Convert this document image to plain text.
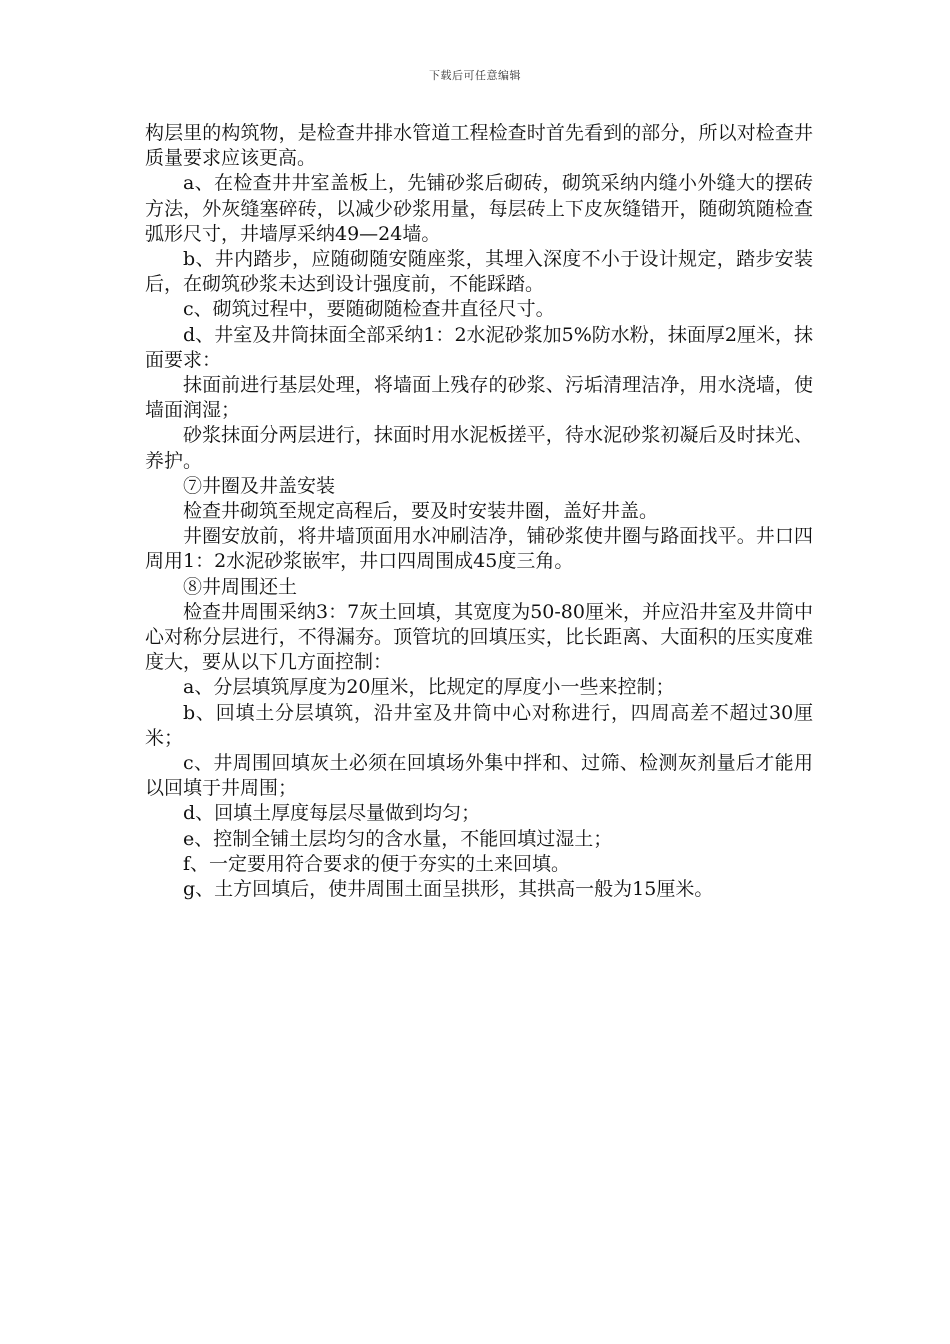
下载后可任意编辑

构层里的构筑物，是检查井排水管道工程检查时首先看到的部分，所以对检查井质量要求应该更高。

a、在检查井井室盖板上，先铺砂浆后砌砖，砌筑采纳内缝小外缝大的摆砖方法，外灰缝塞碎砖，以减少砂浆用量，每层砖上下皮灰缝错开，随砌筑随检查弧形尺寸，井墙厚采纳49—24墙。

b、井内踏步，应随砌随安随座浆，其埋入深度不小于设计规定，踏步安装后，在砌筑砂浆未达到设计强度前，不能踩踏。

c、砌筑过程中，要随砌随检查井直径尺寸。

d、井室及井筒抹面全部采纳1：2水泥砂浆加5%防水粉，抹面厚2厘米，抹面要求：

抹面前进行基层处理，将墙面上残存的砂浆、污垢清理洁净，用水浇墙，使墙面润湿；

砂浆抹面分两层进行，抹面时用水泥板搓平，待水泥砂浆初凝后及时抹光、养护。

⑦井圈及井盖安装

检查井砌筑至规定高程后，要及时安装井圈，盖好井盖。

井圈安放前，将井墙顶面用水冲刷洁净，铺砂浆使井圈与路面找平。井口四周用1：2水泥砂浆嵌牢，井口四周围成45度三角。

⑧井周围还土

检查井周围采纳3：7灰土回填，其宽度为50-80厘米，并应沿井室及井筒中心对称分层进行，不得漏夯。顶管坑的回填压实，比长距离、大面积的压实度难度大，要从以下几方面控制：

a、分层填筑厚度为20厘米，比规定的厚度小一些来控制；

b、回填土分层填筑，沿井室及井筒中心对称进行，四周高差不超过30厘米；

c、井周围回填灰土必须在回填场外集中拌和、过筛、检测灰剂量后才能用以回填于井周围；

d、回填土厚度每层尽量做到均匀；

e、控制全铺土层均匀的含水量，不能回填过湿土；

f、一定要用符合要求的便于夯实的土来回填。

g、土方回填后，使井周围土面呈拱形，其拱高一般为15厘米。
